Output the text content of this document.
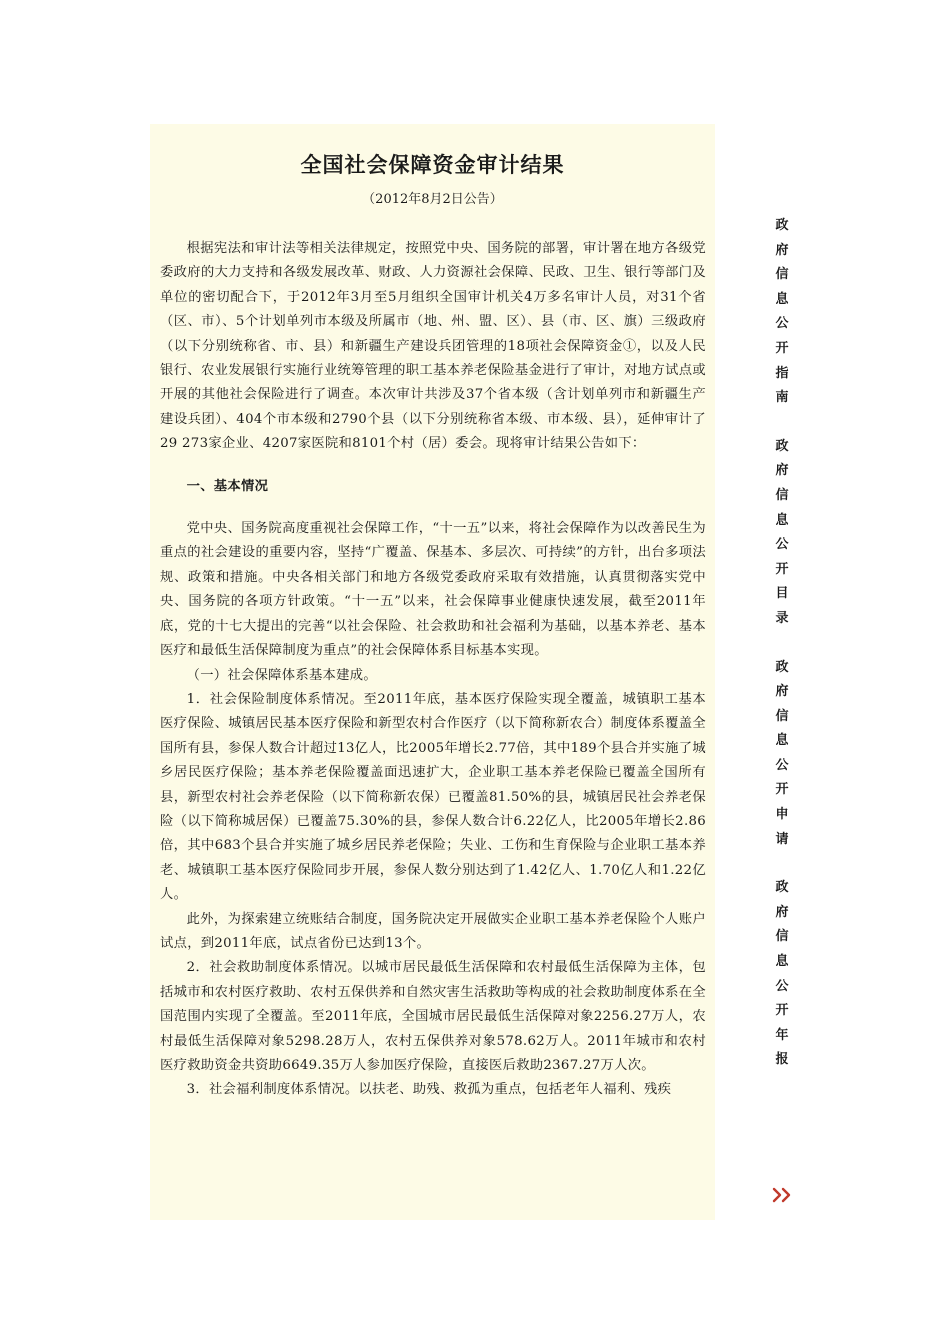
全国社会保障资金审计结果

（2012年8月2日公告）

根据宪法和审计法等相关法律规定，按照党中央、国务院的部署，审计署在地方各级党委政府的大力支持和各级发展改革、财政、人力资源社会保障、民政、卫生、银行等部门及单位的密切配合下，于2012年3月至5月组织全国审计机关4万多名审计人员，对31个省（区、市）、5个计划单列市本级及所属市（地、州、盟、区）、县（市、区、旗）三级政府（以下分别统称省、市、县）和新疆生产建设兵团管理的18项社会保障资金①，以及人民银行、农业发展银行实施行业统筹管理的职工基本养老保险基金进行了审计，对地方试点或开展的其他社会保险进行了调查。本次审计共涉及37个省本级（含计划单列市和新疆生产建设兵团）、404个市本级和2790个县（以下分别统称省本级、市本级、县），延伸审计了29 273家企业、4207家医院和8101个村（居）委会。现将审计结果公告如下：

一、基本情况

党中央、国务院高度重视社会保障工作，“十一五”以来，将社会保障作为以改善民生为重点的社会建设的重要内容，坚持“广覆盖、保基本、多层次、可持续”的方针，出台多项法规、政策和措施。中央各相关部门和地方各级党委政府采取有效措施，认真贯彻落实党中央、国务院的各项方针政策。“十一五”以来，社会保障事业健康快速发展，截至2011年底，党的十七大提出的完善“以社会保险、社会救助和社会福利为基础，以基本养老、基本医疗和最低生活保障制度为重点”的社会保障体系目标基本实现。

（一）社会保障体系基本建成。

1．社会保险制度体系情况。至2011年底，基本医疗保险实现全覆盖，城镇职工基本医疗保险、城镇居民基本医疗保险和新型农村合作医疗（以下简称新农合）制度体系覆盖全国所有县，参保人数合计超过13亿人，比2005年增长2.77倍，其中189个县合并实施了城乡居民医疗保险；基本养老保险覆盖面迅速扩大，企业职工基本养老保险已覆盖全国所有县，新型农村社会养老保险（以下简称新农保）已覆盖81.50%的县，城镇居民社会养老保险（以下简称城居保）已覆盖75.30%的县，参保人数合计6.22亿人，比2005年增长2.86倍，其中683个县合并实施了城乡居民养老保险；失业、工伤和生育保险与企业职工基本养老、城镇职工基本医疗保险同步开展，参保人数分别达到了1.42亿人、1.70亿人和1.22亿人。

此外，为探索建立统账结合制度，国务院决定开展做实企业职工基本养老保险个人账户试点，到2011年底，试点省份已达到13个。

2．社会救助制度体系情况。以城市居民最低生活保障和农村最低生活保障为主体，包括城市和农村医疗救助、农村五保供养和自然灾害生活救助等构成的社会救助制度体系在全国范围内实现了全覆盖。至2011年底，全国城市居民最低生活保障对象2256.27万人，农村最低生活保障对象5298.28万人，农村五保供养对象578.62万人。2011年城市和农村医疗救助资金共资助6649.35万人参加医疗保险，直接医后救助2367.27万人次。

3．社会福利制度体系情况。以扶老、助残、救孤为重点，包括老年人福利、残疾

政
府
信
息
公
开
指
南
政
府
信
息
公
开
目
录
政
府
信
息
公
开
申
请
政
府
信
息
公
开
年
报
